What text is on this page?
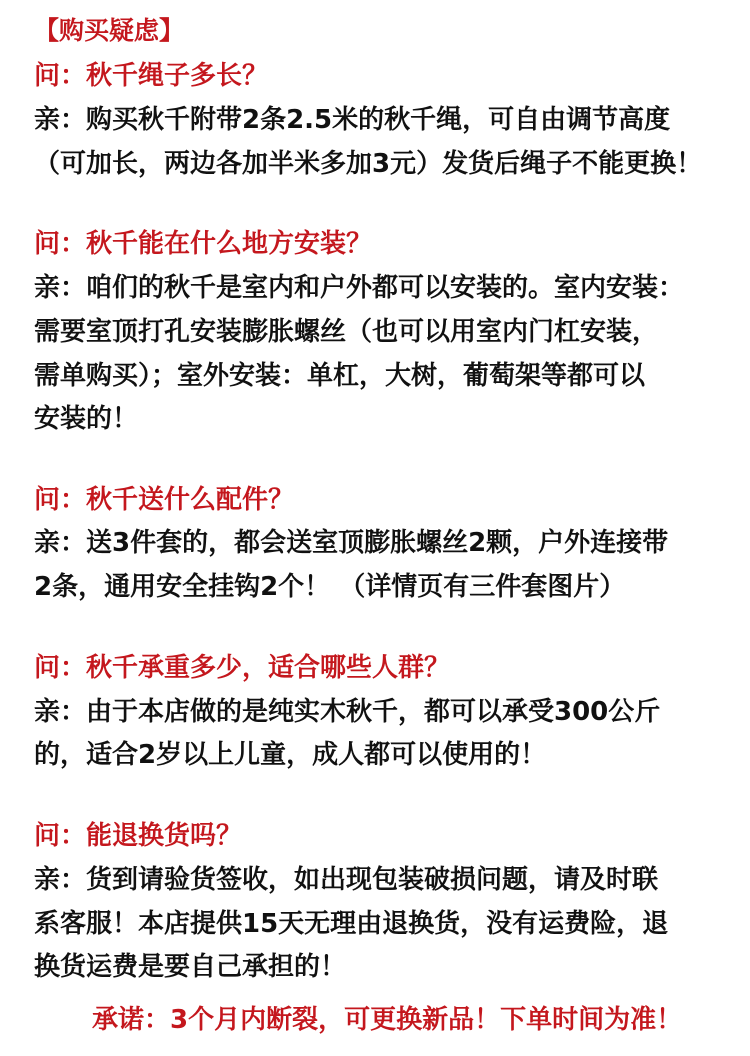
【购买疑虑】
问：秋千绳子多长？
亲：购买秋千附带2条2.5米的秋千绳，可自由调节高度
（可加长，两边各加半米多加3元）发货后绳子不能更换！
问：秋千能在什么地方安装？
亲：咱们的秋千是室内和户外都可以安装的。室内安装：
需要室顶打孔安装膨胀螺丝（也可以用室内门杠安装，
需单购买）；室外安装：单杠，大树，葡萄架等都可以
安装的！
问：秋千送什么配件？
亲：送3件套的，都会送室顶膨胀螺丝2颗，户外连接带
2条，通用安全挂钩2个！ （详情页有三件套图片）
问：秋千承重多少，适合哪些人群？
亲：由于本店做的是纯实木秋千，都可以承受300公斤
的，适合2岁以上儿童，成人都可以使用的！
问：能退换货吗？
亲：货到请验货签收，如出现包装破损问题，请及时联
系客服！本店提供15天无理由退换货，没有运费险，退
换货运费是要自己承担的！
承诺：3个月内断裂，可更换新品！下单时间为准！
